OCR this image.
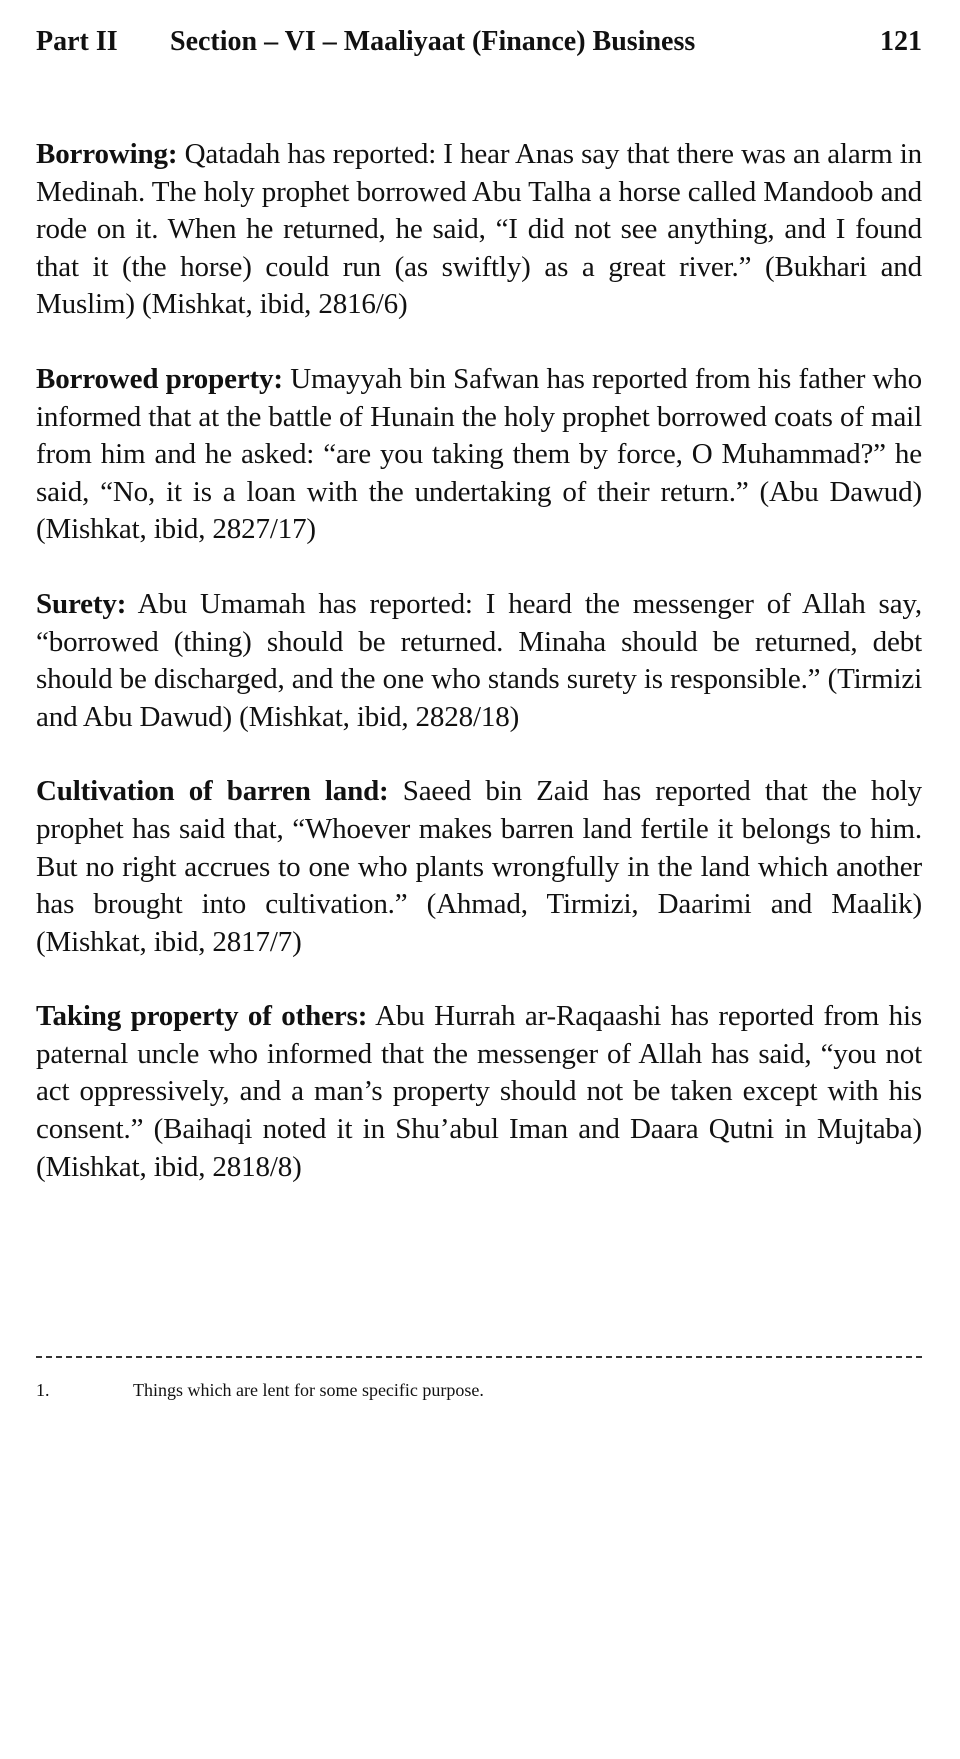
Part II Section – VI – Maaliyaat (Finance) Business	121

Borrowing: Qatadah has reported: I hear Anas say that there was an alarm in Medinah. The holy prophet borrowed Abu Talha a horse called Mandoob and rode on it. When he returned, he said, “I did not see anything, and I found that it (the horse) could run (as swiftly) as a great river.” (Bukhari and Muslim) (Mishkat, ibid, 2816/6)

Borrowed property: Umayyah bin Safwan has reported from his father who informed that at the battle of Hunain the holy prophet borrowed coats of mail from him and he asked: “are you taking them by force, O Muhammad?” he said, “No, it is a loan with the undertaking of their return.” (Abu Dawud) (Mishkat, ibid, 2827/17)

Surety: Abu Umamah has reported: I heard the messenger of Allah say, “borrowed (thing) should be returned. Minaha should be returned, debt should be discharged, and the one who stands surety is responsible.” (Tirmizi and Abu Dawud) (Mishkat, ibid, 2828/18)

Cultivation of barren land: Saeed bin Zaid has reported that the holy prophet has said that, “Whoever makes barren land fertile it belongs to him. But no right accrues to one who plants wrongfully in the land which another has brought into cultivation.” (Ahmad, Tirmizi, Daarimi and Maalik) (Mishkat, ibid, 2817/7)

Taking property of others: Abu Hurrah ar-Raqaashi has reported from his paternal uncle who informed that the messenger of Allah has said, “you not act oppressively, and a man’s property should not be taken except with his consent.” (Baihaqi noted it in Shu’abul Iman and Daara Qutni in Mujtaba) (Mishkat, ibid, 2818/8)

1.	Things which are lent for some specific purpose.
